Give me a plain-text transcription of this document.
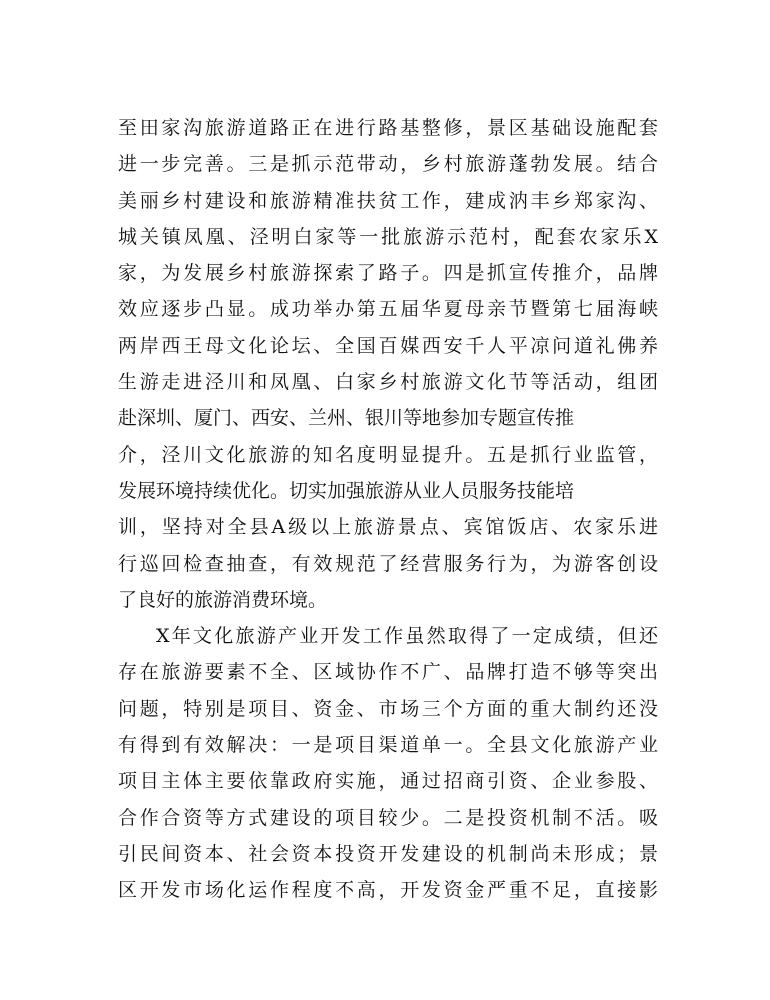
至田家沟旅游道路正在进行路基整修，景区基础设施配套
进一步完善。三是抓示范带动，乡村旅游蓬勃发展。结合
美丽乡村建设和旅游精准扶贫工作，建成汭丰乡郑家沟、
城关镇凤凰、泾明白家等一批旅游示范村，配套农家乐X
家，为发展乡村旅游探索了路子。四是抓宣传推介，品牌
效应逐步凸显。成功举办第五届华夏母亲节暨第七届海峡
两岸西王母文化论坛、全国百媒西安千人平凉问道礼佛养
生游走进泾川和凤凰、白家乡村旅游文化节等活动，组团
赴深圳、厦门、西安、兰州、银川等地参加专题宣传推
介，泾川文化旅游的知名度明显提升。五是抓行业监管，
发展环境持续优化。切实加强旅游从业人员服务技能培
训，坚持对全县A级以上旅游景点、宾馆饭店、农家乐进
行巡回检查抽查，有效规范了经营服务行为，为游客创设
了良好的旅游消费环境。
X年文化旅游产业开发工作虽然取得了一定成绩，但还
存在旅游要素不全、区域协作不广、品牌打造不够等突出
问题，特别是项目、资金、市场三个方面的重大制约还没
有得到有效解决：一是项目渠道单一。全县文化旅游产业
项目主体主要依靠政府实施，通过招商引资、企业参股、
合作合资等方式建设的项目较少。二是投资机制不活。吸
引民间资本、社会资本投资开发建设的机制尚未形成；景
区开发市场化运作程度不高，开发资金严重不足，直接影
